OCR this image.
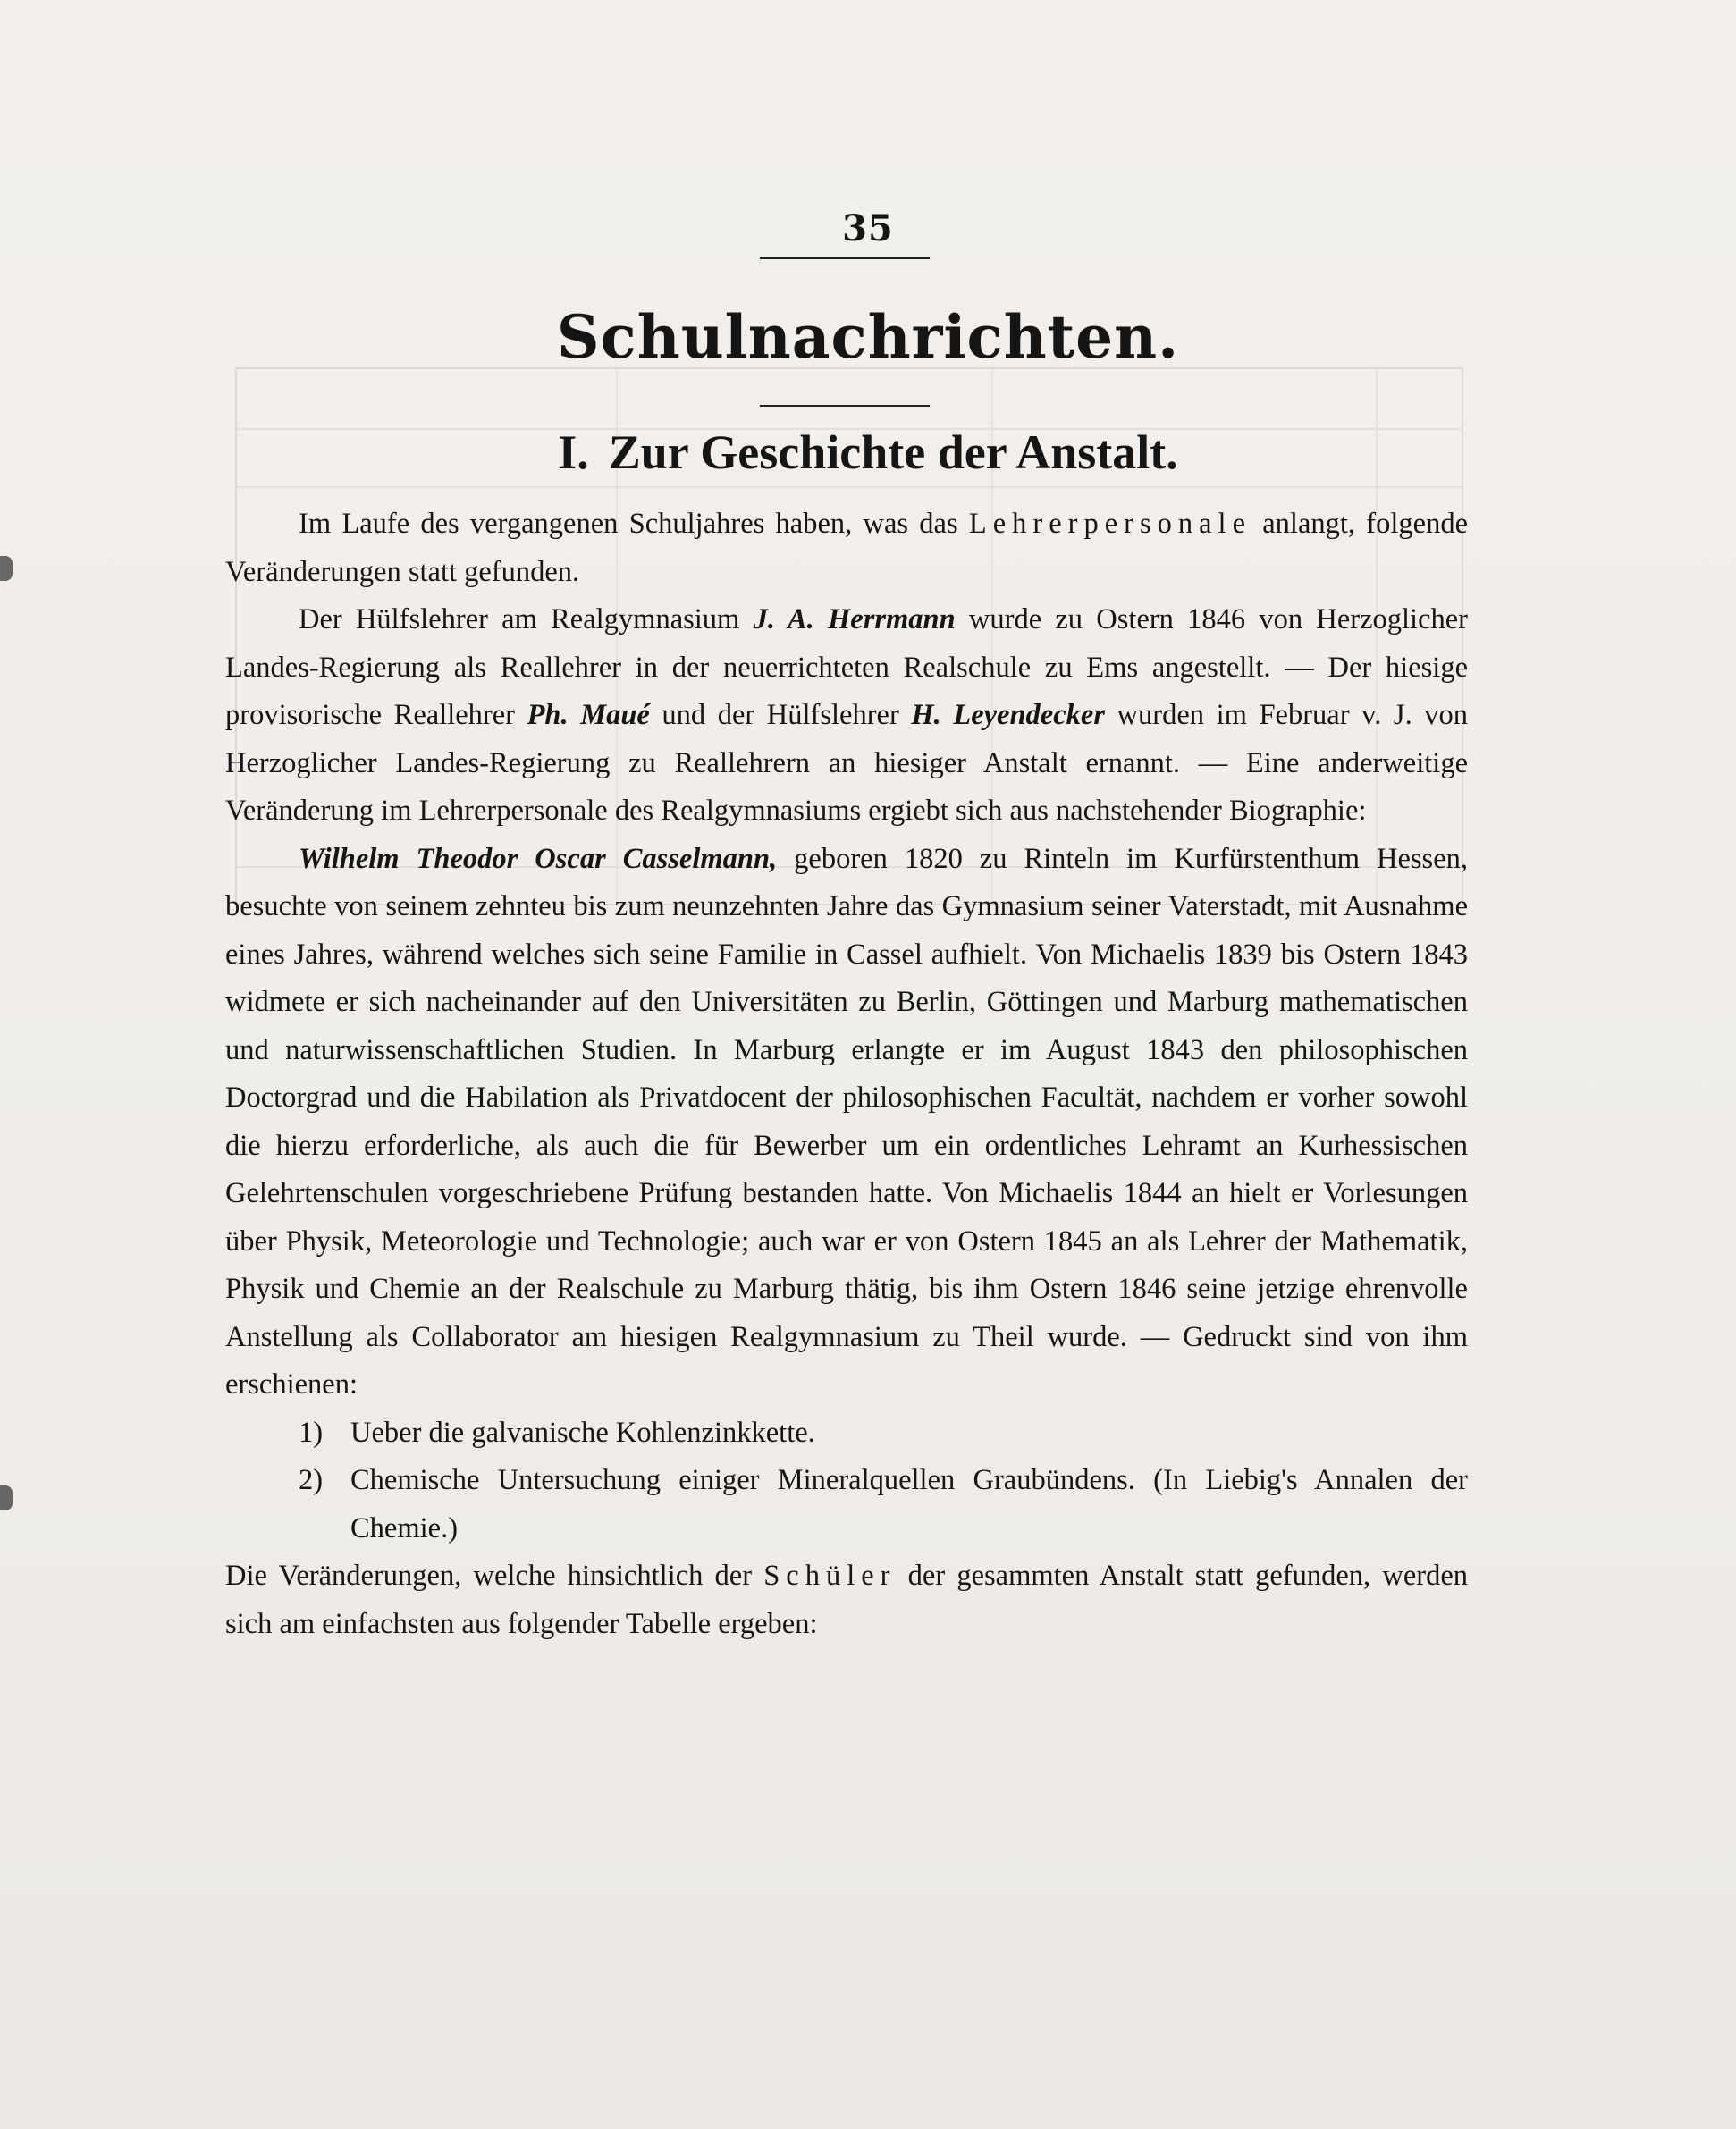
35
Schulnachrichten.
I. Zur Geschichte der Anstalt.

Im Laufe des vergangenen Schuljahres haben, was das Lehrerpersonale anlangt, folgende Veränderungen statt gefunden.

Der Hülfslehrer am Realgymnasium J. A. Herrmann wurde zu Ostern 1846 von Herzoglicher Landes-Regierung als Reallehrer in der neuerrichteten Realschule zu Ems angestellt. — Der hiesige provisorische Reallehrer Ph. Maué und der Hülfslehrer H. Leyendecker wurden im Februar v. J. von Herzoglicher Landes-Regierung zu Reallehrern an hiesiger Anstalt ernannt. — Eine anderweitige Veränderung im Lehrerpersonale des Realgymnasiums ergiebt sich aus nachstehender Biographie:

Wilhelm Theodor Oscar Casselmann, geboren 1820 zu Rinteln im Kurfürstenthum Hessen, besuchte von seinem zehnteu bis zum neunzehnten Jahre das Gymnasium seiner Vaterstadt, mit Ausnahme eines Jahres, während welches sich seine Familie in Cassel aufhielt. Von Michaelis 1839 bis Ostern 1843 widmete er sich nacheinander auf den Universitäten zu Berlin, Göttingen und Marburg mathematischen und naturwissenschaftlichen Studien. In Marburg erlangte er im August 1843 den philosophischen Doctorgrad und die Habilation als Privatdocent der philosophischen Facultät, nachdem er vorher sowohl die hierzu erforderliche, als auch die für Bewerber um ein ordentliches Lehramt an Kurhessischen Gelehrtenschulen vorgeschriebene Prüfung bestanden hatte. Von Michaelis 1844 an hielt er Vorlesungen über Physik, Meteorologie und Technologie; auch war er von Ostern 1845 an als Lehrer der Mathematik, Physik und Chemie an der Realschule zu Marburg thätig, bis ihm Ostern 1846 seine jetzige ehrenvolle Anstellung als Collaborator am hiesigen Realgymnasium zu Theil wurde. — Gedruckt sind von ihm erschienen:

1) Ueber die galvanische Kohlenzinkkette.

2) Chemische Untersuchung einiger Mineralquellen Graubündens. (In Liebig's Annalen der Chemie.)

Die Veränderungen, welche hinsichtlich der Schüler der gesammten Anstalt statt gefunden, werden sich am einfachsten aus folgender Tabelle ergeben:
